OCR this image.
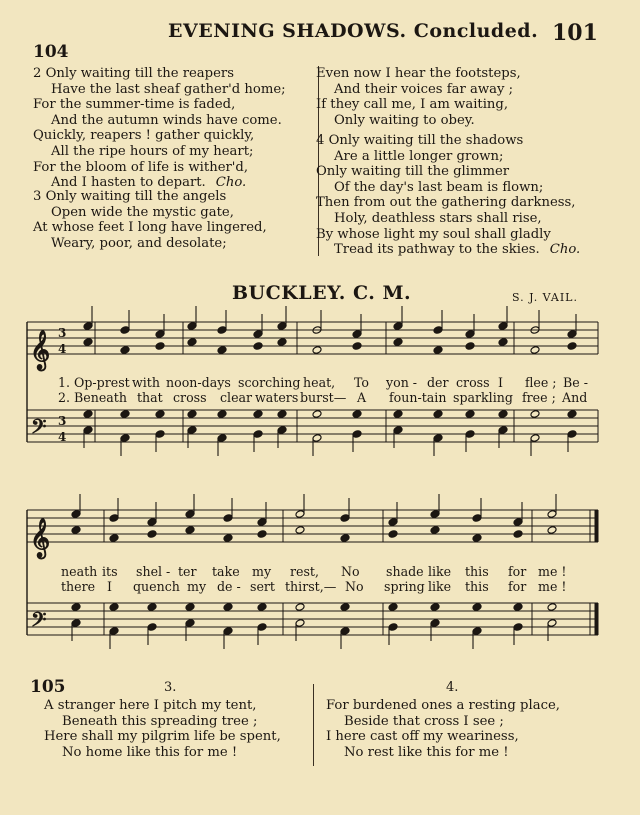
EVENING SHADOWS. Concluded. 101
104
2 Only waiting till the reapers
Have the last sheaf gather'd home;
For the summer-time is faded,
And the autumn winds have come.
Quickly, reapers ! gather quickly,
All the ripe hours of my heart;
For the bloom of life is wither'd,
And I hasten to depart. Cho.
3 Only waiting till the angels
Open wide the mystic gate,
At whose feet I long have lingered,
Weary, poor, and desolate;
Even now I hear the footsteps,
And their voices far away ;
If they call me, I am waiting,
Only waiting to obey.
4 Only waiting till the shadows
Are a little longer grown;
Only waiting till the glimmer
Of the day's last beam is flown;
Then from out the gathering darkness,
Holy, deathless stars shall rise,
By whose light my soul shall gladly
Tread its pathway to the skies. Cho.
BUCKLEY. C. M.	S. J. VAIL.
𝄞
𝄢
3
4
3
4
𝄞
𝄢
1. Op-prest with noon-days scorching heat, To yon - der cross I flee ; Be -
2. Beneath that cross clear waters burst— A foun-tain sparkling free ; And
neath its shel - ter take my rest, No shade like this for me !
there I quench my de - sert thirst,— No spring like this for me !
105	3.
A stranger here I pitch my tent,
Beneath this spreading tree ;
Here shall my pilgrim life be spent,
No home like this for me !
4.
For burdened ones a resting place,
Beside that cross I see ;
I here cast off my weariness,
No rest like this for me !
